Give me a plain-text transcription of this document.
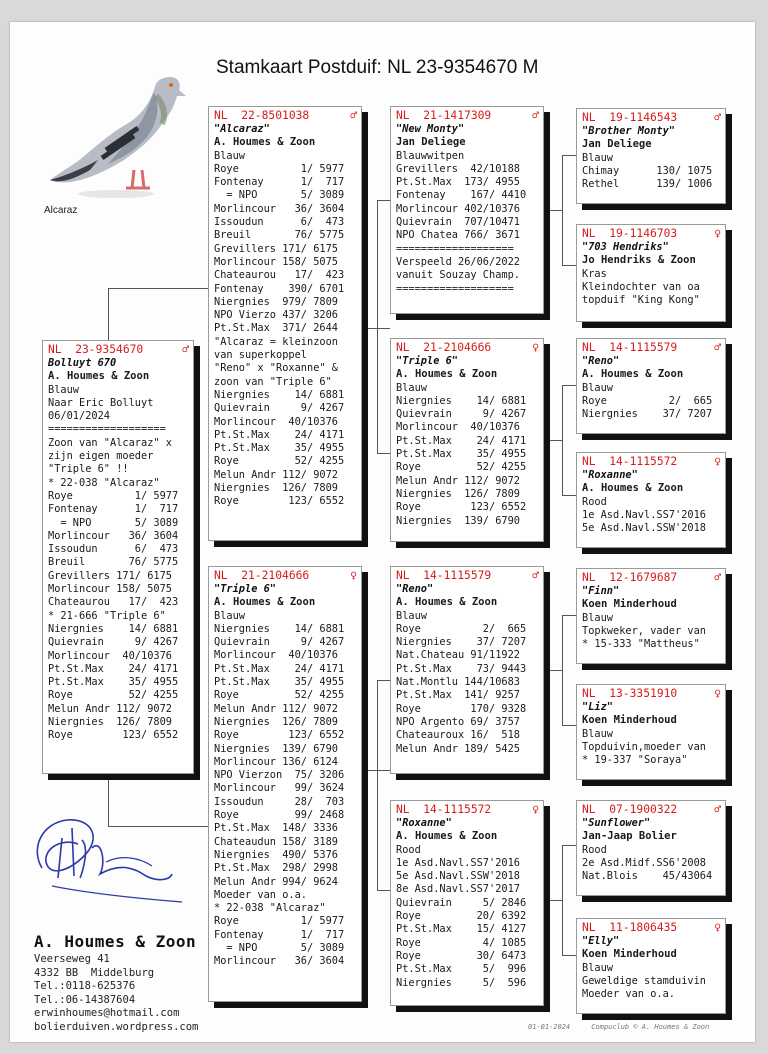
Stamkaart Postduif: NL 23-9354670 M
Alcaraz
NL  23-9354670	♂
Bolluyt 670
A. Houmes & Zoon
Blauw
Naar Eric Bolluyt
06/01/2024
===================
Zoon van "Alcaraz" x
zijn eigen moeder
"Triple 6" !!
* 22-038 "Alcaraz"
Roye          1/ 5977
Fontenay      1/  717
= NPO       5/ 3089
Morlincour   36/ 3604
Issoudun      6/  473
Breuil       76/ 5775
Grevillers 171/ 6175
Morlincour 158/ 5075
Chateaurou   17/  423
* 21-666 "Triple 6"
Niergnies    14/ 6881
Quievrain     9/ 4267
Morlincour  40/10376
Pt.St.Max    24/ 4171
Pt.St.Max    35/ 4955
Roye         52/ 4255
Melun Andr 112/ 9072
Niergnies  126/ 7809
Roye        123/ 6552
NL  22-8501038	♂
"Alcaraz"
A. Houmes & Zoon
Blauw
Roye          1/ 5977
Fontenay      1/  717
= NPO       5/ 3089
Morlincour   36/ 3604
Issoudun      6/  473
Breuil       76/ 5775
Grevillers 171/ 6175
Morlincour 158/ 5075
Chateaurou   17/  423
Fontenay    390/ 6701
Niergnies  979/ 7809
NPO Vierzo 437/ 3206
Pt.St.Max  371/ 2644
"Alcaraz = kleinzoon
van superkoppel
"Reno" x "Roxanne" &
zoon van "Triple 6"
Niergnies    14/ 6881
Quievrain     9/ 4267
Morlincour  40/10376
Pt.St.Max    24/ 4171
Pt.St.Max    35/ 4955
Roye         52/ 4255
Melun Andr 112/ 9072
Niergnies  126/ 7809
Roye        123/ 6552
NL  21-2104666	♀
"Triple 6"
A. Houmes & Zoon
Blauw
Niergnies    14/ 6881
Quievrain     9/ 4267
Morlincour  40/10376
Pt.St.Max    24/ 4171
Pt.St.Max    35/ 4955
Roye         52/ 4255
Melun Andr 112/ 9072
Niergnies  126/ 7809
Roye        123/ 6552
Niergnies  139/ 6790
Morlincour 136/ 6124
NPO Vierzon  75/ 3206
Morlincour   99/ 3624
Issoudun     28/  703
Roye         99/ 2468
Pt.St.Max  148/ 3336
Chateaudun 158/ 3189
Niergnies  490/ 5376
Pt.St.Max  298/ 2998
Melun Andr 994/ 9624
Moeder van o.a.
* 22-038 "Alcaraz"
Roye          1/ 5977
Fontenay      1/  717
= NPO       5/ 3089
Morlincour   36/ 3604
NL  21-1417309	♂
"New Monty"
Jan Deliege
Blauwwitpen
Grevillers  42/10188
Pt.St.Max  173/ 4955
Fontenay    167/ 4410
Morlincour 402/10376
Quievrain  707/10471
NPO Chatea 766/ 3671
===================
Verspeeld 26/06/2022
vanuit Souzay Champ.
===================
NL  21-2104666	♀
"Triple 6"
A. Houmes & Zoon
Blauw
Niergnies    14/ 6881
Quievrain     9/ 4267
Morlincour  40/10376
Pt.St.Max    24/ 4171
Pt.St.Max    35/ 4955
Roye         52/ 4255
Melun Andr 112/ 9072
Niergnies  126/ 7809
Roye        123/ 6552
Niergnies  139/ 6790
NL  14-1115579	♂
"Reno"
A. Houmes & Zoon
Blauw
Roye          2/  665
Niergnies    37/ 7207
Nat.Chateau 91/11922
Pt.St.Max    73/ 9443
Nat.Montlu 144/10683
Pt.St.Max  141/ 9257
Roye        170/ 9328
NPO Argento 69/ 3757
Chateauroux 16/  518
Melun Andr 189/ 5425
NL  14-1115572	♀
"Roxanne"
A. Houmes & Zoon
Rood
1e Asd.Navl.SS7'2016
5e Asd.Navl.SSW'2018
8e Asd.Navl.SS7'2017
Quievrain     5/ 2846
Roye         20/ 6392
Pt.St.Max    15/ 4127
Roye          4/ 1085
Roye         30/ 6473
Pt.St.Max     5/  996
Niergnies     5/  596
NL  19-1146543	♂
"Brother Monty"
Jan Deliege
Blauw
Chimay      130/ 1075
Rethel      139/ 1006
NL  19-1146703	♀
"703 Hendriks"
Jo Hendriks & Zoon
Kras
Kleindochter van oa
topduif "King Kong"
NL  14-1115579	♂
"Reno"
A. Houmes & Zoon
Blauw
Roye          2/  665
Niergnies    37/ 7207
NL  14-1115572	♀
"Roxanne"
A. Houmes & Zoon
Rood
1e Asd.Navl.SS7'2016
5e Asd.Navl.SSW'2018
NL  12-1679687	♂
"Finn"
Koen Minderhoud
Blauw
Topkweker, vader van
* 15-333 "Mattheus"
NL  13-3351910	♀
"Liz"
Koen Minderhoud
Blauw
Topduivin,moeder van
* 19-337 "Soraya"
NL  07-1900322	♂
"Sunflower"
Jan-Jaap Bolier
Rood
2e Asd.Midf.SS6'2008
Nat.Blois    45/43064
NL  11-1806435	♀
"Elly"
Koen Minderhoud
Blauw
Geweldige stamduivin
Moeder van o.a.
A. Houmes & Zoon
Veerseweg 41
4332 BB  Middelburg
Tel.:0118-625376
Tel.:06-14387604
erwinhoumes@hotmail.com
bolierduiven.wordpress.com	01-01-2024     Compuclub © A. Houmes & Zoon
